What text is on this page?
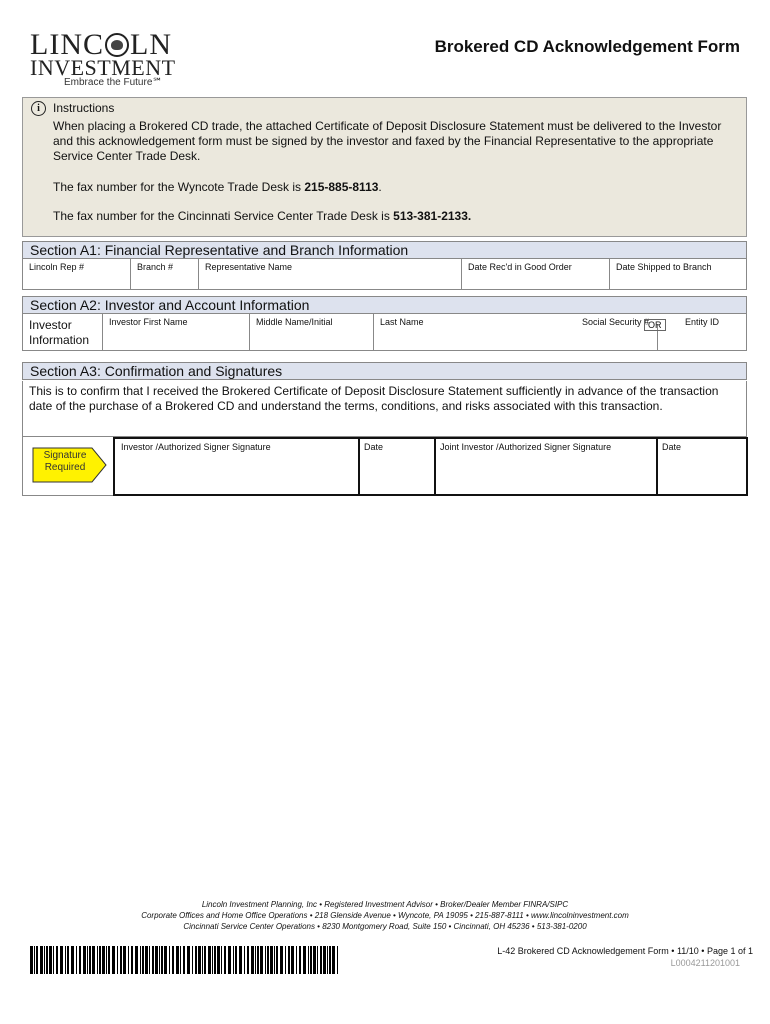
LINC LN
INVESTMENT
Embrace the Future℠
Brokered CD Acknowledgement Form
i	Instructions
When placing a Brokered CD trade, the attached Certificate of Deposit Disclosure Statement must be delivered to the Investor and this acknowledgement form must be signed by the investor and faxed by the Financial Representative to the appropriate Service Center Trade Desk.
The fax number for the Wyncote Trade Desk is 215-885-8113.
The fax number for the Cincinnati Service Center Trade Desk is 513-381-2133.
Section A1: Financial Representative and Branch Information
Lincoln Rep #	Branch #	Representative Name	Date Rec'd in Good Order	Date Shipped to Branch
Section A2: Investor and Account Information
Investor Information
Investor First Name	Middle Name/Initial	Last Name	Social Security # OR	Entity ID
Section A3: Confirmation and Signatures
This is to confirm that I received the Brokered Certificate of Deposit Disclosure Statement sufficiently in advance of the transaction date of the purchase of a Brokered CD and understand the terms, conditions, and risks associated with this transaction.
Investor /Authorized Signer Signature	Date	Joint Investor /Authorized Signer Signature	Date
Signature Required
Lincoln Investment Planning, Inc • Registered Investment Advisor • Broker/Dealer Member FINRA/SIPC
Corporate Offices and Home Office Operations • 218 Glenside Avenue • Wyncote, PA 19095 • 215-887-8111 • www.lincolninvestment.com
Cincinnati Service Center Operations • 8230 Montgomery Road, Suite 150 • Cincinnati, OH 45236 • 513-381-0200
L-42 Brokered CD Acknowledgement Form • 11/10 • Page 1 of 1
L0004211201001
